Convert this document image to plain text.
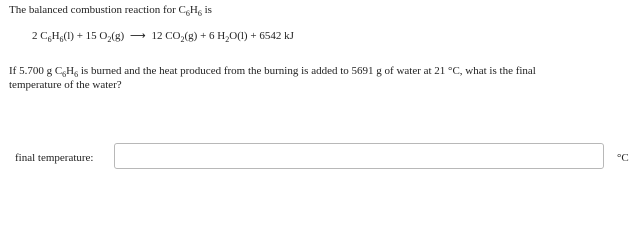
The balanced combustion reaction for $C_6H_6$ is
2 $C_6H_6(l) + 15$ $O_2(g)$ ⟶ 12 $CO_2(g) + 6$ $H_2O(l) + 6542$ kJ
If 5.700 g $C_6H_6$ is burned and the heat produced from the burning is added to 5691 g of water at 21 °C, what is the final
temperature of the water?
final temperature:	°C
